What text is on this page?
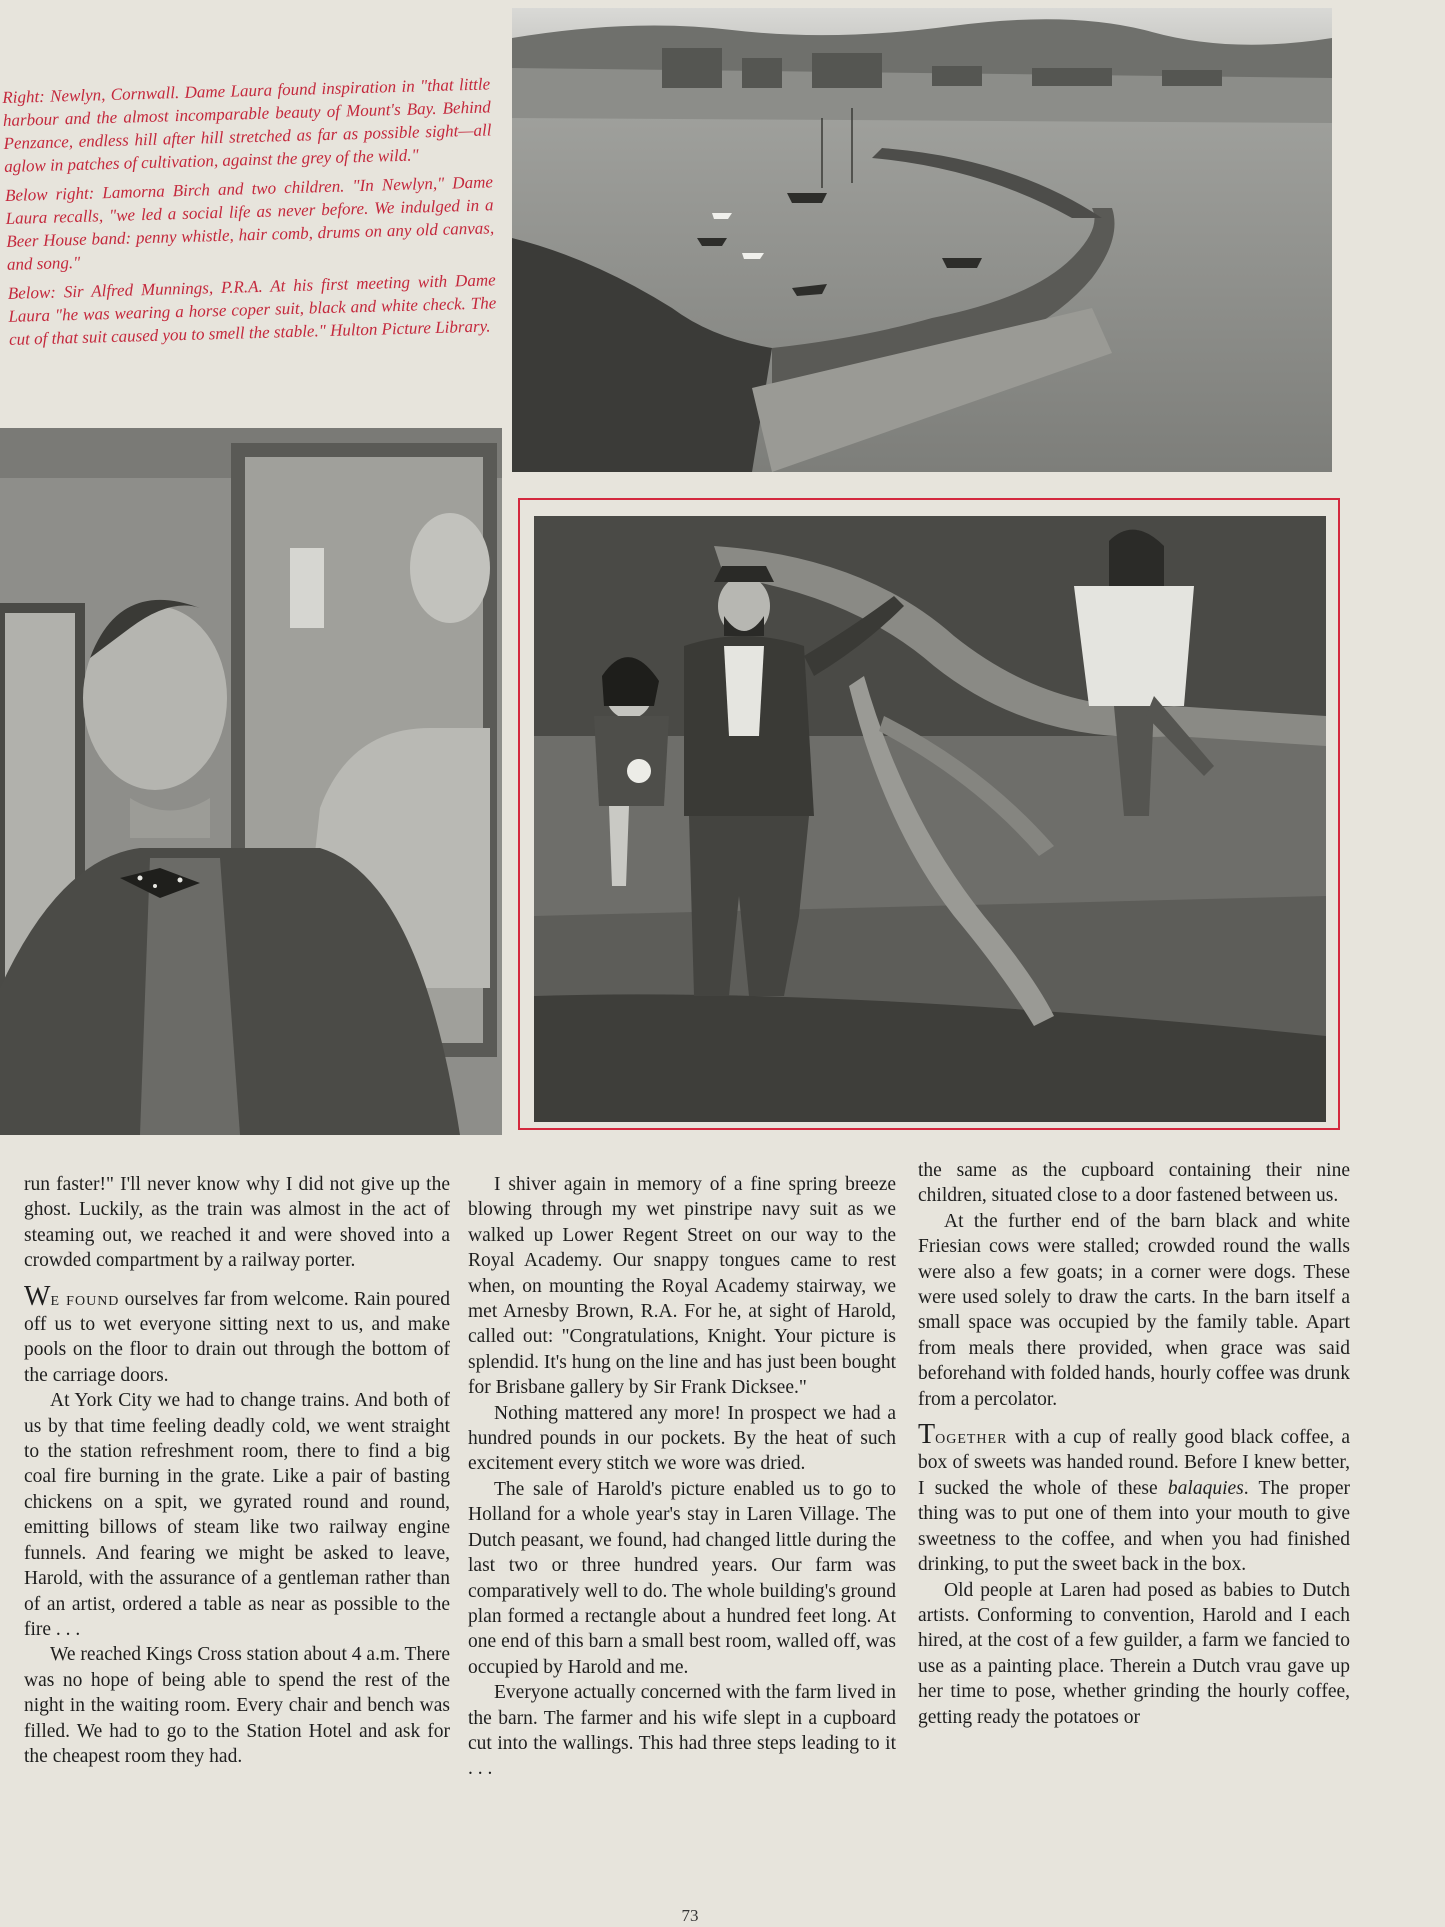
Right: Newlyn, Cornwall. Dame Laura found inspiration in "that little harbour and the almost incomparable beauty of Mount's Bay. Behind Penzance, endless hill after hill stretched as far as possible sight—all aglow in patches of cultivation, against the grey of the wild."

Below right: Lamorna Birch and two children. "In Newlyn," Dame Laura recalls, "we led a social life as never before. We indulged in a Beer House band: penny whistle, hair comb, drums on any old canvas, and song."

Below: Sir Alfred Munnings, P.R.A. At his first meeting with Dame Laura "he was wearing a horse coper suit, black and white check. The cut of that suit caused you to smell the stable." Hulton Picture Library.

run faster!" I'll never know why I did not give up the ghost. Luckily, as the train was almost in the act of steaming out, we reached it and were shoved into a crowded compartment by a railway porter.

We found ourselves far from welcome. Rain poured off us to wet everyone sitting next to us, and make pools on the floor to drain out through the bottom of the carriage doors.

At York City we had to change trains. And both of us by that time feeling deadly cold, we went straight to the station refreshment room, there to find a big coal fire burning in the grate. Like a pair of basting chickens on a spit, we gyrated round and round, emitting billows of steam like two railway engine funnels. And fearing we might be asked to leave, Harold, with the assurance of a gentleman rather than of an artist, ordered a table as near as possible to the fire . . .

We reached Kings Cross station about 4 a.m. There was no hope of being able to spend the rest of the night in the waiting room. Every chair and bench was filled. We had to go to the Station Hotel and ask for the cheapest room they had.

I shiver again in memory of a fine spring breeze blowing through my wet pinstripe navy suit as we walked up Lower Regent Street on our way to the Royal Academy. Our snappy tongues came to rest when, on mounting the Royal Academy stairway, we met Arnesby Brown, R.A. For he, at sight of Harold, called out: "Congratulations, Knight. Your picture is splendid. It's hung on the line and has just been bought for Brisbane gallery by Sir Frank Dicksee."

Nothing mattered any more! In prospect we had a hundred pounds in our pockets. By the heat of such excitement every stitch we wore was dried.

The sale of Harold's picture enabled us to go to Holland for a whole year's stay in Laren Village. The Dutch peasant, we found, had changed little during the last two or three hundred years. Our farm was comparatively well to do. The whole building's ground plan formed a rectangle about a hundred feet long. At one end of this barn a small best room, walled off, was occupied by Harold and me.

Everyone actually concerned with the farm lived in the barn. The farmer and his wife slept in a cupboard cut into the wallings. This had three steps leading to it . . .

the same as the cupboard containing their nine children, situated close to a door fastened between us.

At the further end of the barn black and white Friesian cows were stalled; crowded round the walls were also a few goats; in a corner were dogs. These were used solely to draw the carts. In the barn itself a small space was occupied by the family table. Apart from meals there provided, when grace was said beforehand with folded hands, hourly coffee was drunk from a percolator.

Together with a cup of really good black coffee, a box of sweets was handed round. Before I knew better, I sucked the whole of these balaquies. The proper thing was to put one of them into your mouth to give sweetness to the coffee, and when you had finished drinking, to put the sweet back in the box.

Old people at Laren had posed as babies to Dutch artists. Conforming to convention, Harold and I each hired, at the cost of a few guilder, a farm we fancied to use as a painting place. Therein a Dutch vrau gave up her time to pose, whether grinding the hourly coffee, getting ready the potatoes or

73
